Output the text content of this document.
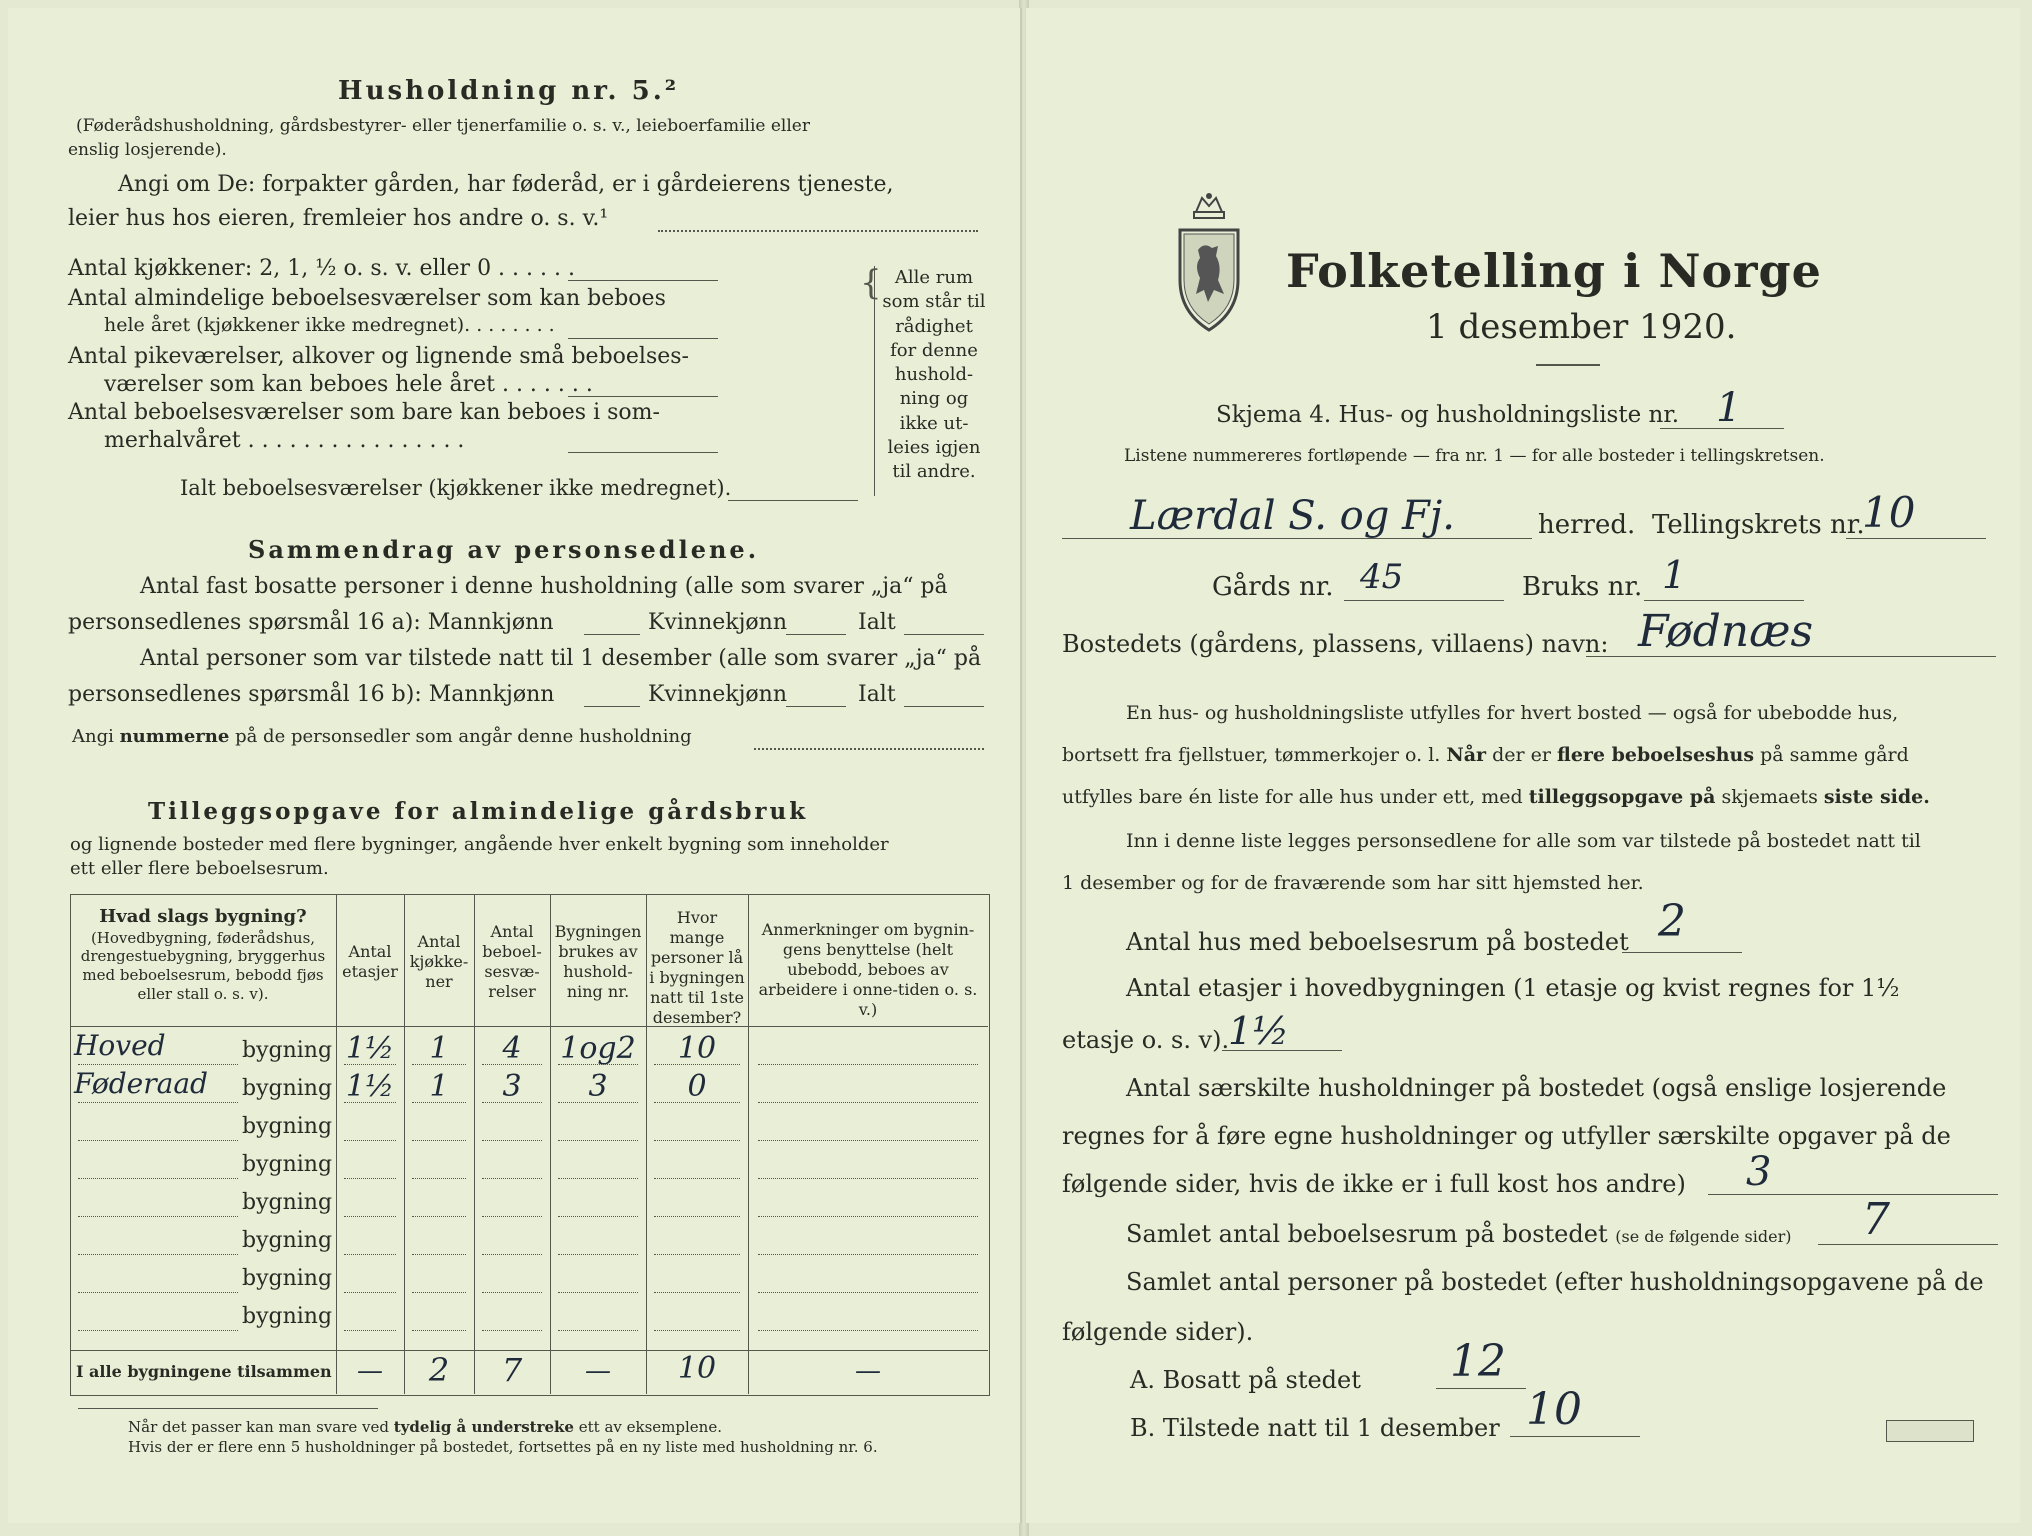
Husholdning nr. 5.²
(Føderådshusholdning, gårdsbestyrer- eller tjenerfamilie o. s. v., leieboerfamilie eller
enslig losjerende).
Angi om De: forpakter gården, har føderåd, er i gårdeierens tjeneste,
leier hus hos eieren, fremleier hos andre o. s. v.¹
Antal kjøkkener: 2, 1, ½ o. s. v. eller 0 . . . . . .
Antal almindelige beboelsesværelser som kan beboes
hele året (kjøkkener ikke medregnet). . . . . . . .
Antal pikeværelser, alkover og lignende små beboelses-
værelser som kan beboes hele året . . . . . . .
Antal beboelsesværelser som bare kan beboes i som-
merhalvåret . . . . . . . . . . . . . . . .
Ialt beboelsesværelser (kjøkkener ikke medregnet).
{ Alle rum
som står til
rådighet
for denne
hushold-
ning og
ikke ut-
leies igjen
til andre.
Sammendrag av personsedlene.
Antal fast bosatte personer i denne husholdning (alle som svarer „ja“ på
personsedlenes spørsmål 16 a): Mannkjønn	Kvinnekjønn	Ialt
Antal personer som var tilstede natt til 1 desember (alle som svarer „ja“ på
personsedlenes spørsmål 16 b): Mannkjønn	Kvinnekjønn	Ialt
Angi nummerne på de personsedler som angår denne husholdning
Tilleggsopgave for almindelige gårdsbruk
og lignende bosteder med flere bygninger, angående hver enkelt bygning som inneholder
ett eller flere beboelsesrum.
Hvad slags bygning?
(Hovedbygning, føderådshus, drengestuebygning, bryggerhus med beboelsesrum, bebodd fjøs eller stall o. s. v).
Antal etasjer
Antal kjøkke-ner
Antal beboel-sesvæ-relser
Bygningen brukes av hushold-ning nr.
Hvor mange personer lå i bygningen natt til 1ste desember?
Anmerkninger om bygnin-gens benyttelse (helt ubebodd, beboes av arbeidere i onne-tiden o. s. v.)
Hoved	bygning 1½	1	4	1og2	10
Føderaad bygning 1½	1	3	3	0
bygning
bygning
bygning
bygning
bygning
bygning
I alle bygningene tilsammen —	2	7	—	10	—
Når det passer kan man svare ved tydelig å understreke ett av eksemplene.
Hvis der er flere enn 5 husholdninger på bostedet, fortsettes på en ny liste med husholdning nr. 6.
Folketelling i Norge
1 desember 1920.
Skjema 4. Hus- og husholdningsliste nr. 1
Listene nummereres fortløpende — fra nr. 1 — for alle bosteder i tellingskretsen.
Lærdal S. og Fj.	herred. Tellingskrets nr.
10
Gårds nr. 45	Bruks nr. 1
Bostedets (gårdens, plassens, villaens) navn: Fødnæs
En hus- og husholdningsliste utfylles for hvert bosted — også for ubebodde hus,
bortsett fra fjellstuer, tømmerkojer o. l. Når der er flere beboelseshus på samme gård
utfylles bare én liste for alle hus under ett, med tilleggsopgave på skjemaets siste side.
Inn i denne liste legges personsedlene for alle som var tilstede på bostedet natt til
1 desember og for de fraværende som har sitt hjemsted her.
Antal hus med beboelsesrum på bostedet 2
Antal etasjer i hovedbygningen (1 etasje og kvist regnes for 1½
etasje o. s. v).
1½
Antal særskilte husholdninger på bostedet (også enslige losjerende
regnes for å føre egne husholdninger og utfyller særskilte opgaver på de
følgende sider, hvis de ikke er i full kost hos andre) 3
Samlet antal beboelsesrum på bostedet (se de følgende sider) 7
Samlet antal personer på bostedet (efter husholdningsopgavene på de
følgende sider).
A. Bosatt på stedet 12
B. Tilstede natt til 1 desember 10
